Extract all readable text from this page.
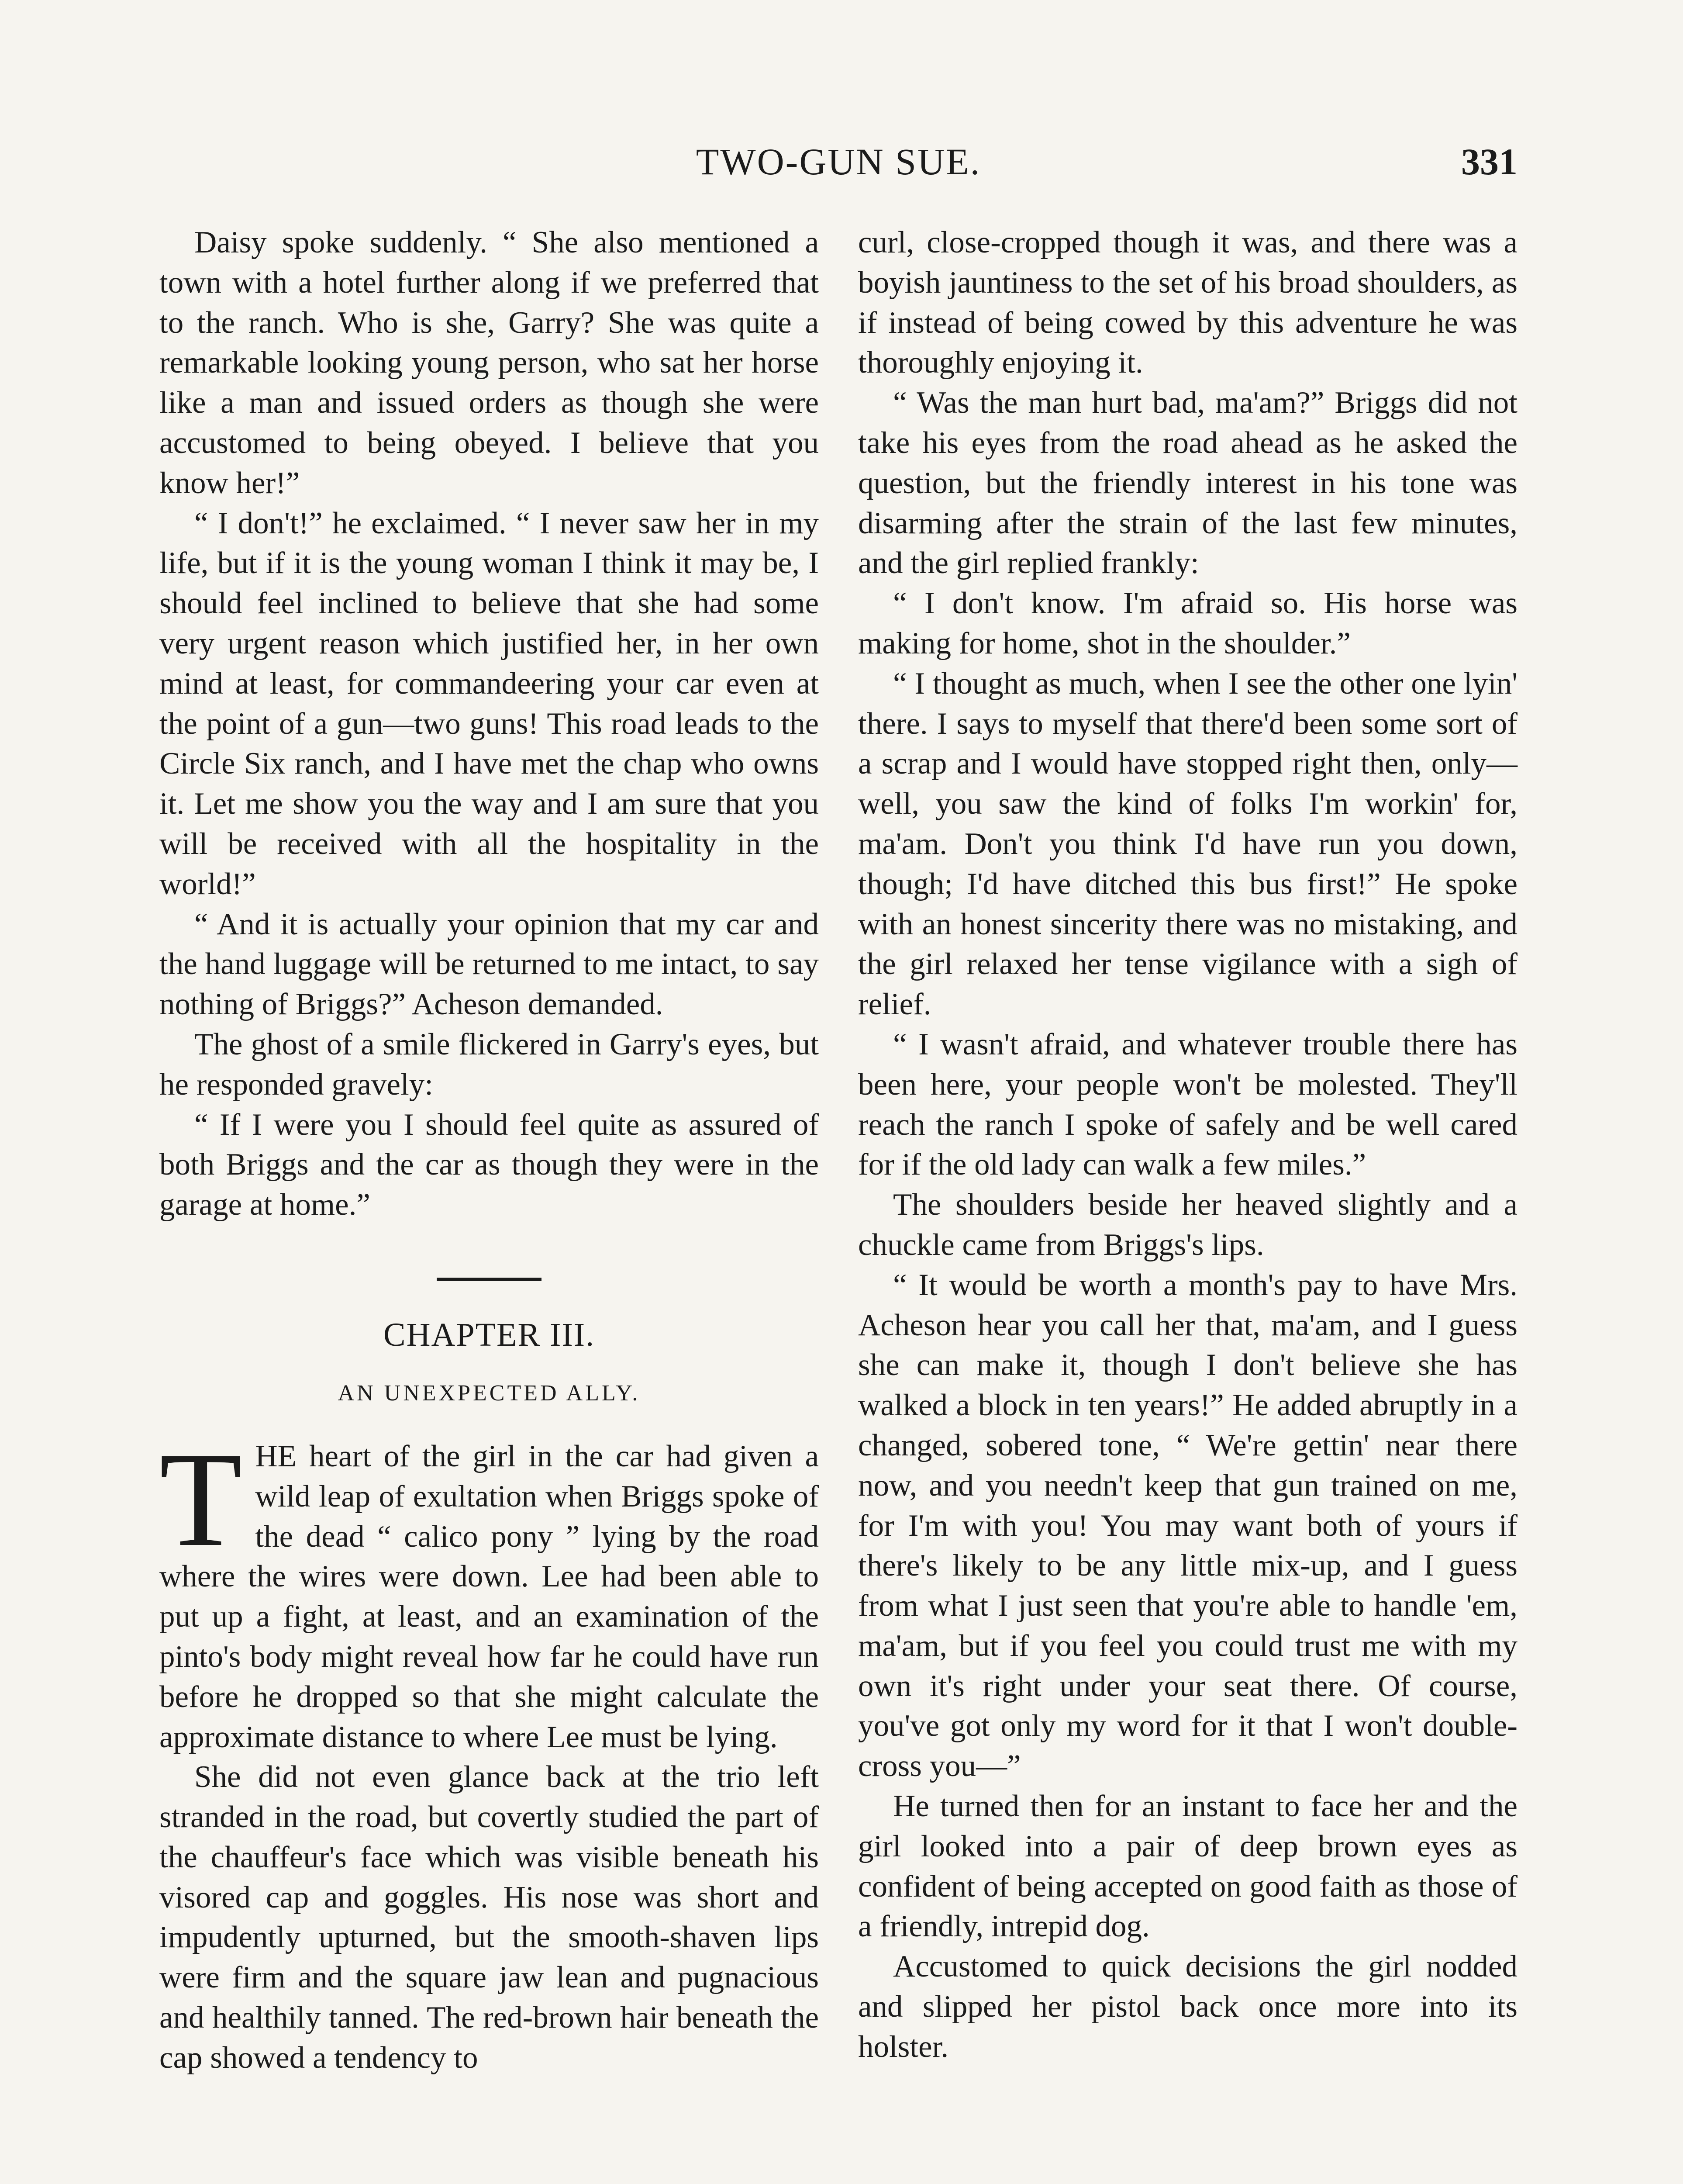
TWO-GUN SUE.	331

Daisy spoke suddenly. “ She also mentioned a town with a hotel further along if we preferred that to the ranch. Who is she, Garry? She was quite a remarkable looking young person, who sat her horse like a man and issued orders as though she were accustomed to being obeyed. I believe that you know her!”

“ I don't!” he exclaimed. “ I never saw her in my life, but if it is the young woman I think it may be, I should feel inclined to believe that she had some very urgent reason which justified her, in her own mind at least, for commandeering your car even at the point of a gun—two guns! This road leads to the Circle Six ranch, and I have met the chap who owns it. Let me show you the way and I am sure that you will be received with all the hospitality in the world!”

“ And it is actually your opinion that my car and the hand luggage will be returned to me intact, to say nothing of Briggs?” Acheson demanded.

The ghost of a smile flickered in Garry's eyes, but he responded gravely:

“ If I were you I should feel quite as assured of both Briggs and the car as though they were in the garage at home.”

CHAPTER III.
AN UNEXPECTED ALLY.

THE heart of the girl in the car had given a wild leap of exultation when Briggs spoke of the dead “ calico pony ” lying by the road where the wires were down. Lee had been able to put up a fight, at least, and an examination of the pinto's body might reveal how far he could have run before he dropped so that she might calculate the approximate distance to where Lee must be lying.

She did not even glance back at the trio left stranded in the road, but covertly studied the part of the chauffeur's face which was visible beneath his visored cap and goggles. His nose was short and impudently upturned, but the smooth-shaven lips were firm and the square jaw lean and pugnacious and healthily tanned. The red-brown hair beneath the cap showed a tendency to

curl, close-cropped though it was, and there was a boyish jauntiness to the set of his broad shoulders, as if instead of being cowed by this adventure he was thoroughly enjoying it.

“ Was the man hurt bad, ma'am?” Briggs did not take his eyes from the road ahead as he asked the question, but the friendly interest in his tone was disarming after the strain of the last few minutes, and the girl replied frankly:

“ I don't know. I'm afraid so. His horse was making for home, shot in the shoulder.”

“ I thought as much, when I see the other one lyin' there. I says to myself that there'd been some sort of a scrap and I would have stopped right then, only—well, you saw the kind of folks I'm workin' for, ma'am. Don't you think I'd have run you down, though; I'd have ditched this bus first!” He spoke with an honest sincerity there was no mistaking, and the girl relaxed her tense vigilance with a sigh of relief.

“ I wasn't afraid, and whatever trouble there has been here, your people won't be molested. They'll reach the ranch I spoke of safely and be well cared for if the old lady can walk a few miles.”

The shoulders beside her heaved slightly and a chuckle came from Briggs's lips.

“ It would be worth a month's pay to have Mrs. Acheson hear you call her that, ma'am, and I guess she can make it, though I don't believe she has walked a block in ten years!” He added abruptly in a changed, sobered tone, “ We're gettin' near there now, and you needn't keep that gun trained on me, for I'm with you! You may want both of yours if there's likely to be any little mix-up, and I guess from what I just seen that you're able to handle 'em, ma'am, but if you feel you could trust me with my own it's right under your seat there. Of course, you've got only my word for it that I won't double-cross you—”

He turned then for an instant to face her and the girl looked into a pair of deep brown eyes as confident of being accepted on good faith as those of a friendly, intrepid dog.

Accustomed to quick decisions the girl nodded and slipped her pistol back once more into its holster.
